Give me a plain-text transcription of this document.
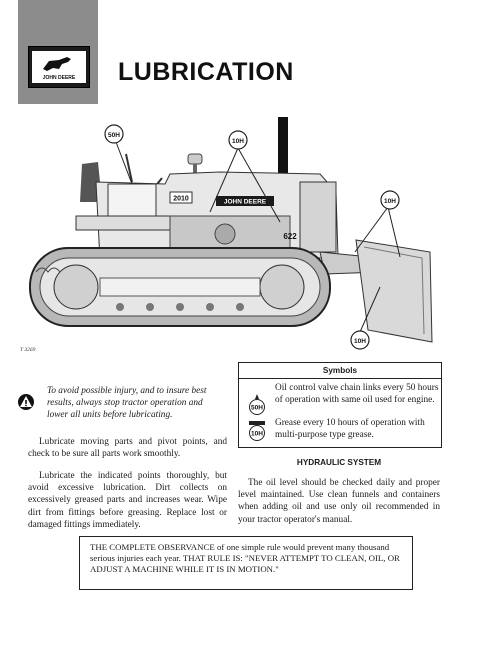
JOHN DEERE LUBRICATION
2010	JOHN DEERE
622
50H
10H
10H
10H
T 3269
To avoid possible injury, and to insure best results, always stop tractor operation and lower all units before lubricating.
Lubricate moving parts and pivot points, and check to be sure all parts work smoothly.
Lubricate the indicated points thoroughly, but avoid excessive lubrication. Dirt collects on excessively greased parts and increases wear. Wipe dirt from fittings before greasing. Replace lost or damaged fittings immediately.
Symbols
50H
Oil control valve chain links every 50 hours of operation with same oil used for engine.
10H
Grease every 10 hours of operation with multi-purpose type grease.
HYDRAULIC SYSTEM
The oil level should be checked daily and proper level maintained. Use clean funnels and containers when adding oil and use only oil recommended in your tractor operator's manual.
THE COMPLETE OBSERVANCE of one simple rule would prevent many thousand serious injuries each year. THAT RULE IS: "NEVER ATTEMPT TO CLEAN, OIL, OR ADJUST A MACHINE WHILE IT IS IN MOTION."
